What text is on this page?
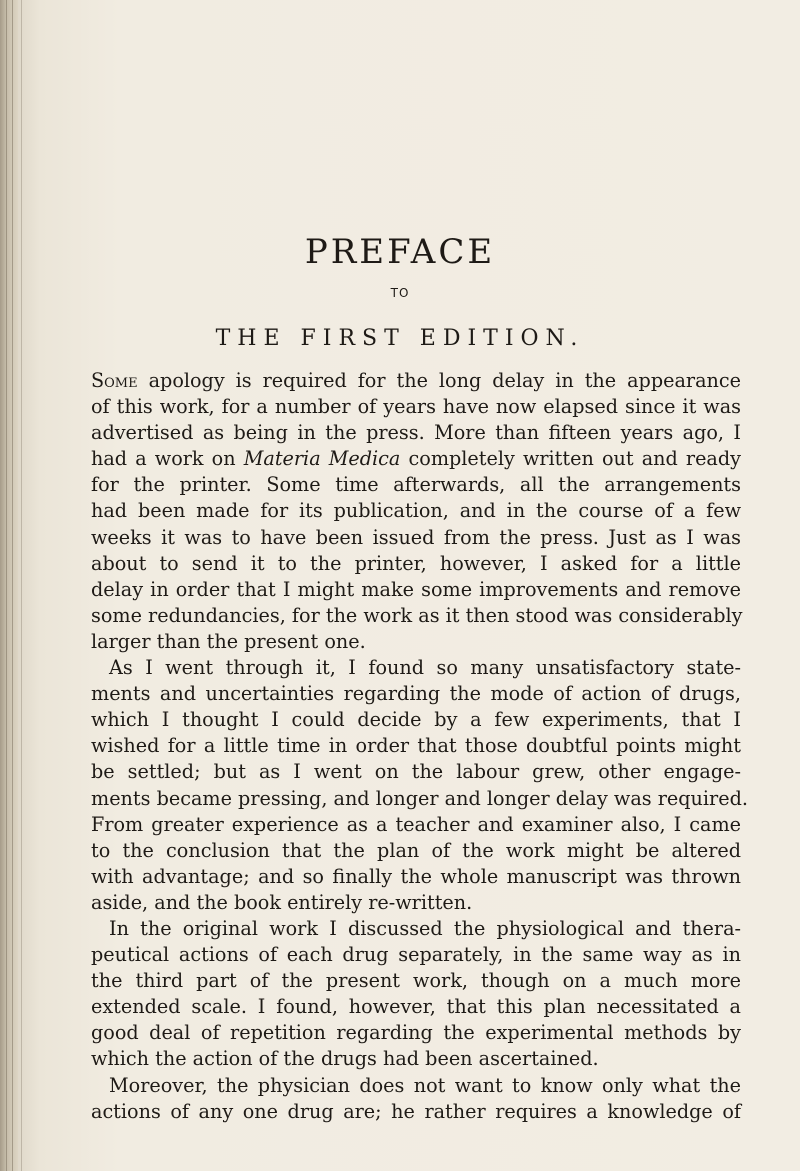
PREFACE
TO
THE FIRST EDITION.
Some apology is required for the long delay in the appearance
of this work, for a number of years have now elapsed since it was
advertised as being in the press. More than fifteen years ago, I
had a work on Materia Medica completely written out and ready
for the printer. Some time afterwards, all the arrangements
had been made for its publication, and in the course of a few
weeks it was to have been issued from the press. Just as I was
about to send it to the printer, however, I asked for a little
delay in order that I might make some improvements and remove
some redundancies, for the work as it then stood was considerably
larger than the present one.
As I went through it, I found so many unsatisfactory state-
ments and uncertainties regarding the mode of action of drugs,
which I thought I could decide by a few experiments, that I
wished for a little time in order that those doubtful points might
be settled; but as I went on the labour grew, other engage-
ments became pressing, and longer and longer delay was required.
From greater experience as a teacher and examiner also, I came
to the conclusion that the plan of the work might be altered
with advantage; and so finally the whole manuscript was thrown
aside, and the book entirely re-written.
In the original work I discussed the physiological and thera-
peutical actions of each drug separately, in the same way as in
the third part of the present work, though on a much more
extended scale. I found, however, that this plan necessitated a
good deal of repetition regarding the experimental methods by
which the action of the drugs had been ascertained.
Moreover, the physician does not want to know only what the
actions of any one drug are; he rather requires a knowledge of
